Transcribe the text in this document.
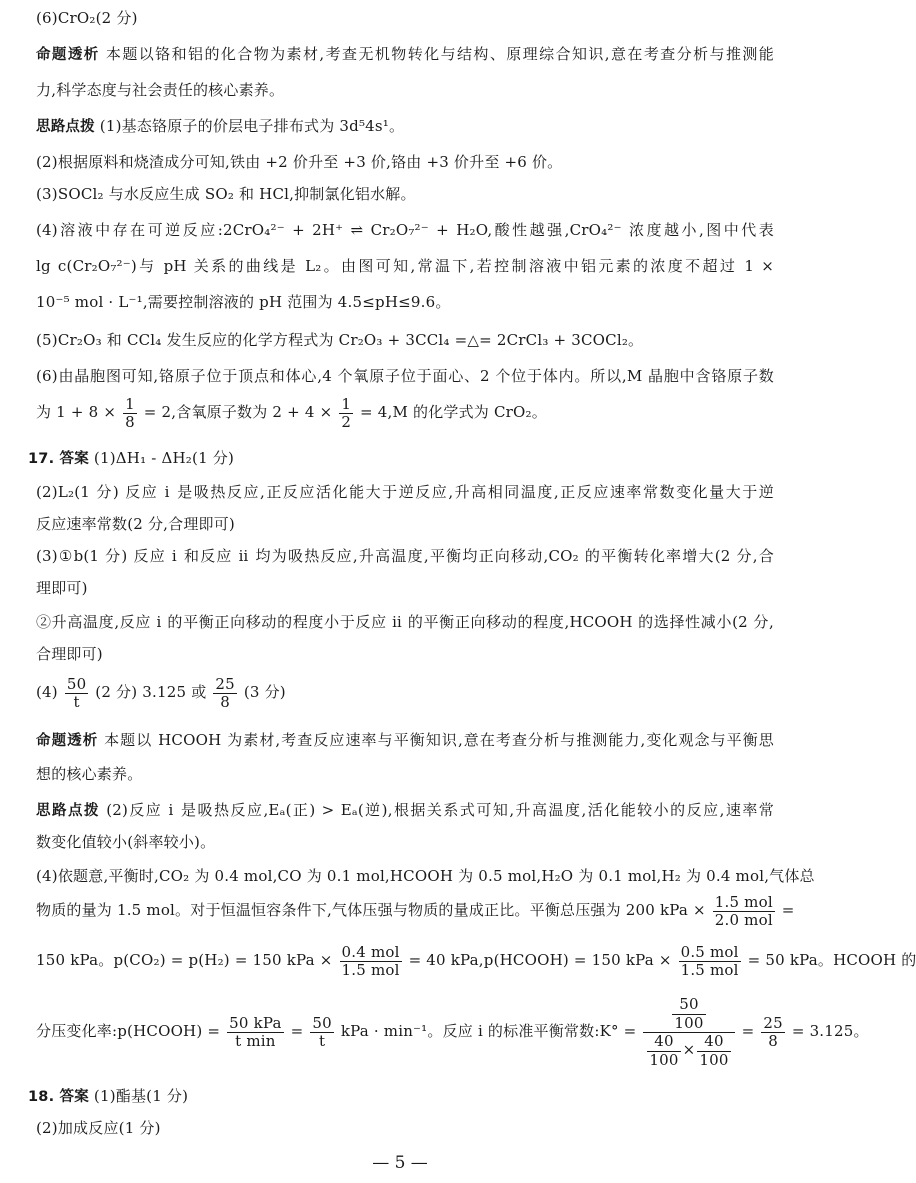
(6)CrO₂(2 分)
命题透析 本题以铬和铝的化合物为素材,考查无机物转化与结构、原理综合知识,意在考查分析与推测能
力,科学态度与社会责任的核心素养。
思路点拨 (1)基态铬原子的价层电子排布式为 3d⁵4s¹。
(2)根据原料和烧渣成分可知,铁由 +2 价升至 +3 价,铬由 +3 价升至 +6 价。
(3)SOCl₂ 与水反应生成 SO₂ 和 HCl,抑制氯化铝水解。
(4)溶液中存在可逆反应:2CrO₄²⁻ + 2H⁺ ⇌ Cr₂O₇²⁻ + H₂O,酸性越强,CrO₄²⁻ 浓度越小,图中代表
lg c(Cr₂O₇²⁻)与 pH 关系的曲线是 L₂。由图可知,常温下,若控制溶液中铝元素的浓度不超过 1 ×
10⁻⁵ mol · L⁻¹,需要控制溶液的 pH 范围为 4.5≤pH≤9.6。
(5)Cr₂O₃ 和 CCl₄ 发生反应的化学方程式为 Cr₂O₃ + 3CCl₄ =△= 2CrCl₃ + 3COCl₂。
(6)由晶胞图可知,铬原子位于顶点和体心,4 个氧原子位于面心、2 个位于体内。所以,M 晶胞中含铬原子数
为 $1 + 8 \times \frac{1}{8} = 2$,含氧原子数为 $2 + 4 \times \frac{1}{2} = 4,M$ 的化学式为 CrO₂。
17. 答案 (1)ΔH₁ - ΔH₂(1 分)
(2)L₂(1 分) 反应 ⅰ 是吸热反应,正反应活化能大于逆反应,升高相同温度,正反应速率常数变化量大于逆
反应速率常数(2 分,合理即可)
(3)①b(1 分) 反应 ⅰ 和反应 ⅱ 均为吸热反应,升高温度,平衡均正向移动,CO₂ 的平衡转化率增大(2 分,合
理即可)
②升高温度,反应 ⅰ 的平衡正向移动的程度小于反应 ⅱ 的平衡正向移动的程度,HCOOH 的选择性减小(2 分,
合理即可)
$(4) \frac{50}{t} (2$ 分) 3.125 或 $\frac{25}{8} (3$ 分)
命题透析 本题以 HCOOH 为素材,考查反应速率与平衡知识,意在考查分析与推测能力,变化观念与平衡思
想的核心素养。
思路点拨 (2)反应 ⅰ 是吸热反应,Eₐ(正) > Eₐ(逆),根据关系式可知,升高温度,活化能较小的反应,速率常
数变化值较小(斜率较小)。
(4)依题意,平衡时,CO₂ 为 0.4 mol,CO 为 0.1 mol,HCOOH 为 0.5 mol,H₂O 为 0.1 mol,H₂ 为 0.4 mol,气体总
物质的量为 1.5 mol。对于恒温恒容条件下,气体压强与物质的量成正比。平衡总压强为 200 kPa × $\frac{\text{1.5 mol}}{\text{2.0 mol}}$ =
150 kPa。p(CO₂) = p(H₂) = 150 kPa × $\frac{\text{0.4 mol}}{\text{1.5 mol}} = 40$ kPa,p(HCOOH) = 150 kPa × $\frac{\text{0.5 mol}}{\text{1.5 mol}} = 50$ kPa。HCOOH 的
分压变化率:p(HCOOH) = $\frac{\text{50 kPa}}{\text{t min}} = \frac{50}{t}$ kPa · min⁻¹。反应 ⅰ 的标准平衡常数:K° = $\frac{\frac{50}{100}}{\frac{40}{100} \times \frac{40}{100}} = \frac{25}{8} = 3.125$。
18. 答案 (1)酯基(1 分)
(2)加成反应(1 分)
— 5 —
